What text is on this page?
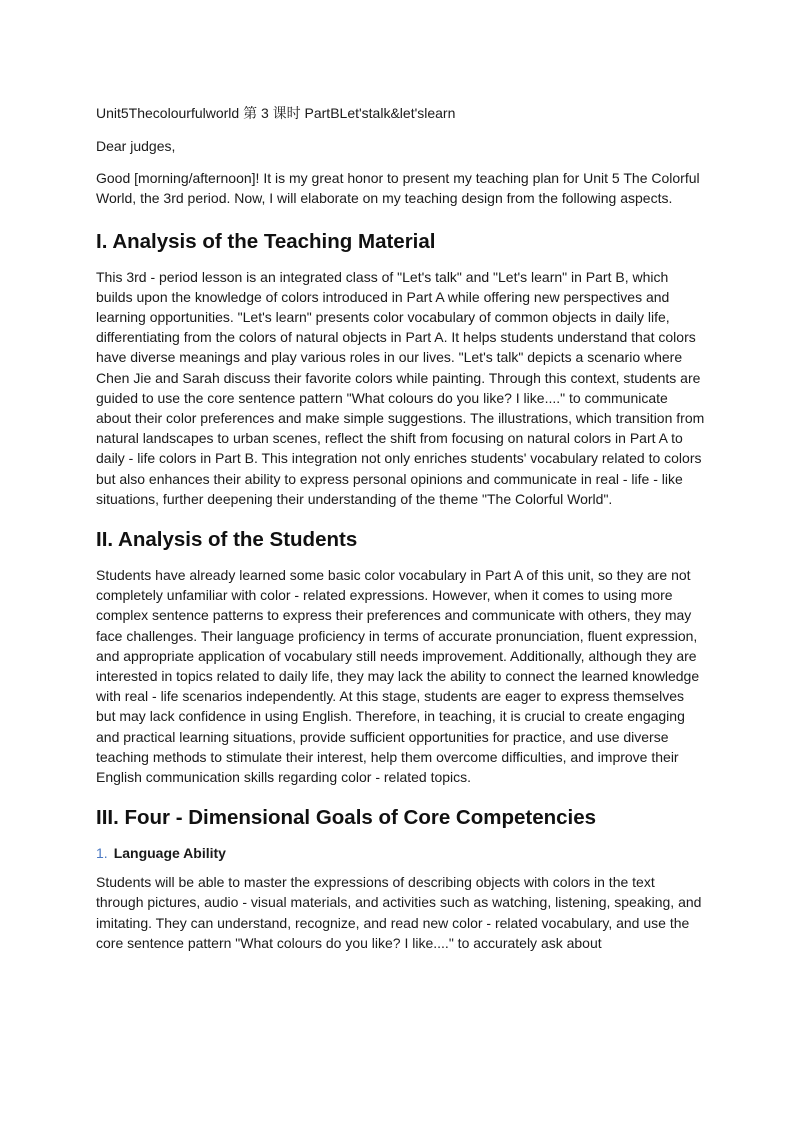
Unit5Thecolourfulworld 第 3 课时 PartBLet'stalk&let'slearn

Dear judges,

Good [morning/afternoon]! It is my great honor to present my teaching plan for Unit 5 The Colorful World, the 3rd period. Now, I will elaborate on my teaching design from the following aspects.

I. Analysis of the Teaching Material

This 3rd - period lesson is an integrated class of "Let's talk" and "Let's learn" in Part B, which builds upon the knowledge of colors introduced in Part A while offering new perspectives and learning opportunities. "Let's learn" presents color vocabulary of common objects in daily life, differentiating from the colors of natural objects in Part A. It helps students understand that colors have diverse meanings and play various roles in our lives. "Let's talk" depicts a scenario where Chen Jie and Sarah discuss their favorite colors while painting. Through this context, students are guided to use the core sentence pattern "What colours do you like? I like...." to communicate about their color preferences and make simple suggestions. The illustrations, which transition from natural landscapes to urban scenes, reflect the shift from focusing on natural colors in Part A to daily - life colors in Part B. This integration not only enriches students' vocabulary related to colors but also enhances their ability to express personal opinions and communicate in real - life - like situations, further deepening their understanding of the theme "The Colorful World".

II. Analysis of the Students

Students have already learned some basic color vocabulary in Part A of this unit, so they are not completely unfamiliar with color - related expressions. However, when it comes to using more complex sentence patterns to express their preferences and communicate with others, they may face challenges. Their language proficiency in terms of accurate pronunciation, fluent expression, and appropriate application of vocabulary still needs improvement. Additionally, although they are interested in topics related to daily life, they may lack the ability to connect the learned knowledge with real - life scenarios independently. At this stage, students are eager to express themselves but may lack confidence in using English. Therefore, in teaching, it is crucial to create engaging and practical learning situations, provide sufficient opportunities for practice, and use diverse teaching methods to stimulate their interest, help them overcome difficulties, and improve their English communication skills regarding color - related topics.

III. Four - Dimensional Goals of Core Competencies

1. Language Ability

Students will be able to master the expressions of describing objects with colors in the text through pictures, audio - visual materials, and activities such as watching, listening, speaking, and imitating. They can understand, recognize, and read new color - related vocabulary, and use the core sentence pattern "What colours do you like? I like...." to accurately ask about
